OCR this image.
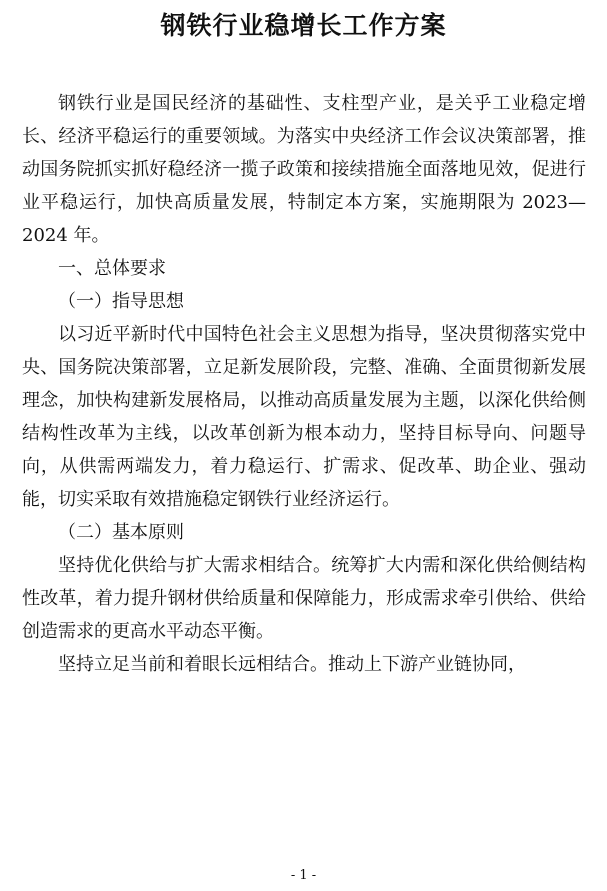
钢铁行业稳增长工作方案

钢铁行业是国民经济的基础性、支柱型产业，是关乎工业稳定增长、经济平稳运行的重要领域。为落实中央经济工作会议决策部署，推动国务院抓实抓好稳经济一揽子政策和接续措施全面落地见效，促进行业平稳运行，加快高质量发展，特制定本方案，实施期限为 2023—2024 年。

一、总体要求

（一）指导思想

以习近平新时代中国特色社会主义思想为指导，坚决贯彻落实党中央、国务院决策部署，立足新发展阶段，完整、准确、全面贯彻新发展理念，加快构建新发展格局，以推动高质量发展为主题，以深化供给侧结构性改革为主线，以改革创新为根本动力，坚持目标导向、问题导向，从供需两端发力，着力稳运行、扩需求、促改革、助企业、强动能，切实采取有效措施稳定钢铁行业经济运行。

（二）基本原则

坚持优化供给与扩大需求相结合。统筹扩大内需和深化供给侧结构性改革，着力提升钢材供给质量和保障能力，形成需求牵引供给、供给创造需求的更高水平动态平衡。

坚持立足当前和着眼长远相结合。推动上下游产业链协同，

- 1 -
